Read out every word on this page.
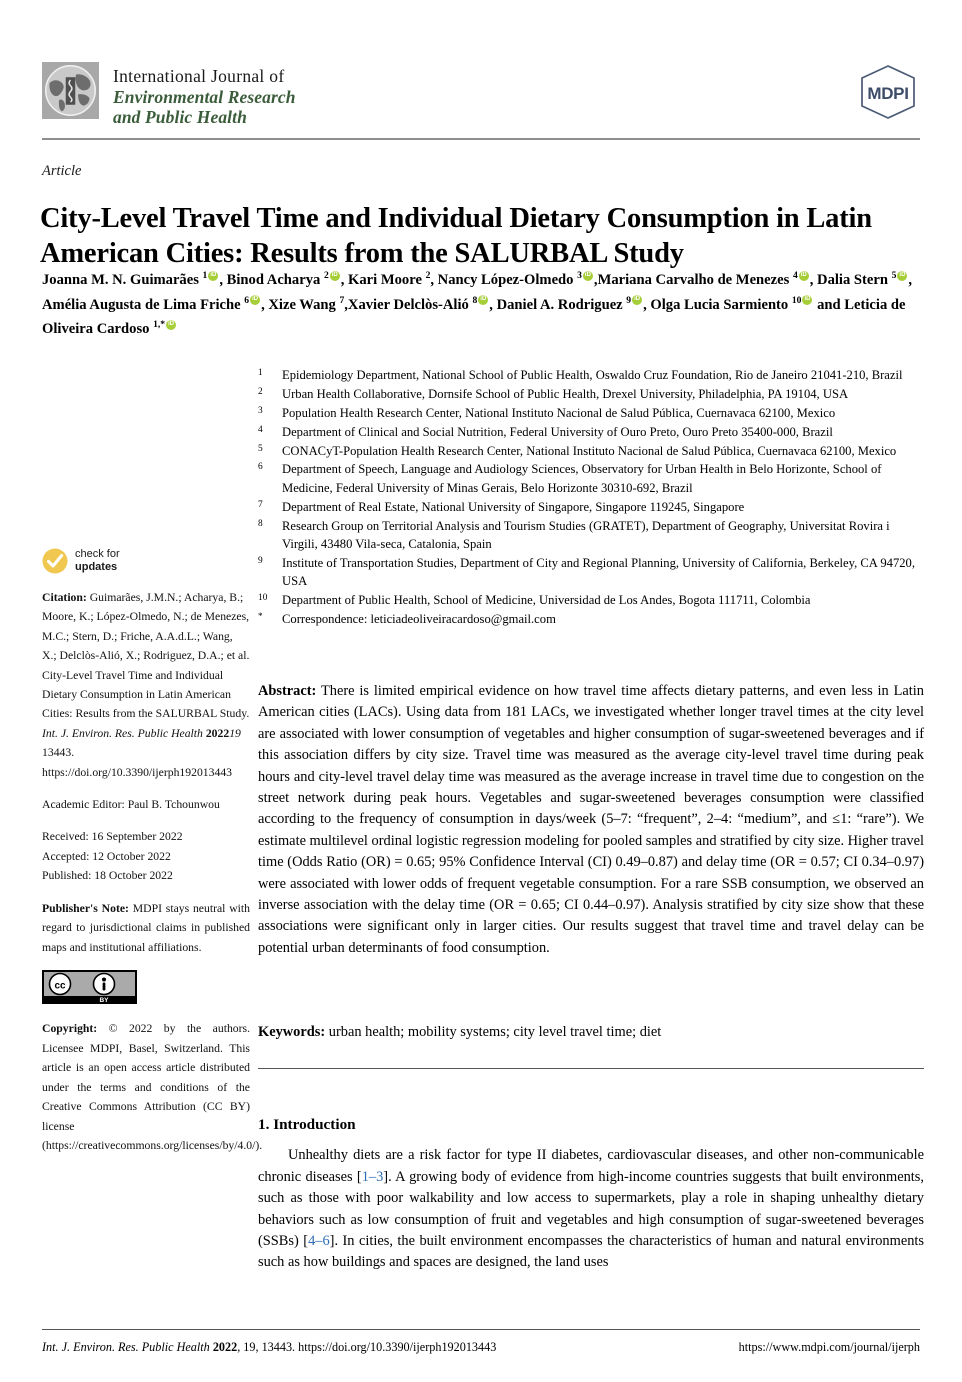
International Journal of
Environmental Research
and Public Health
MDPI
Article
City-Level Travel Time and Individual Dietary Consumption in Latin American Cities: Results from the SALURBAL Study
Joanna M. N. Guimarães $^1$ iD , Binod Acharya $^2$ iD , Kari Moore $^2$, Nancy López-Olmedo $^3$ iD ,Mariana Carvalho de Menezes $^4$iD , Dalia Stern $^5$ iD , Amélia Augusta de Lima Friche $^6$ iD , Xize Wang $^7$,Xavier Delclòs-Alió $^8$ iD , Daniel A. Rodriguez $^9$ iD , Olga Lucia Sarmiento $^{10}$iD and Leticia de Oliveira Cardoso $^{1,*}$iD
1	Epidemiology Department, National School of Public Health, Oswaldo Cruz Foundation, Rio de Janeiro 21041-210, Brazil
2	Urban Health Collaborative, Dornsife School of Public Health, Drexel University, Philadelphia, PA 19104, USA
3	Population Health Research Center, National Instituto Nacional de Salud Pública, Cuernavaca 62100, Mexico
4	Department of Clinical and Social Nutrition, Federal University of Ouro Preto, Ouro Preto 35400-000, Brazil
5	CONACyT-Population Health Research Center, National Instituto Nacional de Salud Pública, Cuernavaca 62100, Mexico
6	Department of Speech, Language and Audiology Sciences, Observatory for Urban Health in Belo Horizonte, School of Medicine, Federal University of Minas Gerais, Belo Horizonte 30310-692, Brazil
7	Department of Real Estate, National University of Singapore, Singapore 119245, Singapore
8	Research Group on Territorial Analysis and Tourism Studies (GRATET), Department of Geography, Universitat Rovira i Virgili, 43480 Vila-seca, Catalonia, Spain
9	Institute of Transportation Studies, Department of City and Regional Planning, University of California, Berkeley, CA 94720, USA
10	Department of Public Health, School of Medicine, Universidad de Los Andes, Bogota 111711, Colombia
*	Correspondence: leticiadeoliveiracardoso@gmail.com
check for
updates
Citation: Guimarães, J.M.N.; Acharya, B.; Moore, K.; López-Olmedo, N.; de Menezes, M.C.; Stern, D.; Friche, A.A.d.L.; Wang, X.; Delclòs-Alió, X.; Rodriguez, D.A.; et al. City-Level Travel Time and Individual Dietary Consumption in Latin American Cities: Results from the SALURBAL Study. Int. J. Environ. Res. Public Health 202219 13443. https://doi.org/10.3390/ijerph192013443
Academic Editor: Paul B. Tchounwou
Received: 16 September 2022
Accepted: 12 October 2022
Published: 18 October 2022
Publisher's Note: MDPI stays neutral with regard to jurisdictional claims in published maps and institutional affiliations.
cc
BY
Copyright: © 2022 by the authors. Licensee MDPI, Basel, Switzerland. This article is an open access article distributed under the terms and conditions of the Creative Commons Attribution (CC BY) license (https://creativecommons.org/licenses/by/4.0/).
Abstract: There is limited empirical evidence on how travel time affects dietary patterns, and even less in Latin American cities (LACs). Using data from 181 LACs, we investigated whether longer travel times at the city level are associated with lower consumption of vegetables and higher consumption of sugar-sweetened beverages and if this association differs by city size. Travel time was measured as the average city-level travel time during peak hours and city-level travel delay time was measured as the average increase in travel time due to congestion on the street network during peak hours. Vegetables and sugar-sweetened beverages consumption were classified according to the frequency of consumption in days/week (5–7: “frequent”, 2–4: “medium”, and ≤1: “rare”). We estimate multilevel ordinal logistic regression modeling for pooled samples and stratified by city size. Higher travel time (Odds Ratio (OR) = 0.65; 95% Confidence Interval (CI) 0.49–0.87) and delay time (OR = 0.57; CI 0.34–0.97) were associated with lower odds of frequent vegetable consumption. For a rare SSB consumption, we observed an inverse association with the delay time (OR = 0.65; CI 0.44–0.97). Analysis stratified by city size show that these associations were significant only in larger cities. Our results suggest that travel time and travel delay can be potential urban determinants of food consumption.
Keywords: urban health; mobility systems; city level travel time; diet
1. Introduction

Unhealthy diets are a risk factor for type II diabetes, cardiovascular diseases, and other non-communicable chronic diseases [1–3]. A growing body of evidence from high-income countries suggests that built environments, such as those with poor walkability and low access to supermarkets, play a role in shaping unhealthy dietary behaviors such as low consumption of fruit and vegetables and high consumption of sugar-sweetened beverages (SSBs) [4–6]. In cities, the built environment encompasses the characteristics of human and natural environments such as how buildings and spaces are designed, the land uses

Int. J. Environ. Res. Public Health 2022, 19, 13443. https://doi.org/10.3390/ijerph192013443	https://www.mdpi.com/journal/ijerph
